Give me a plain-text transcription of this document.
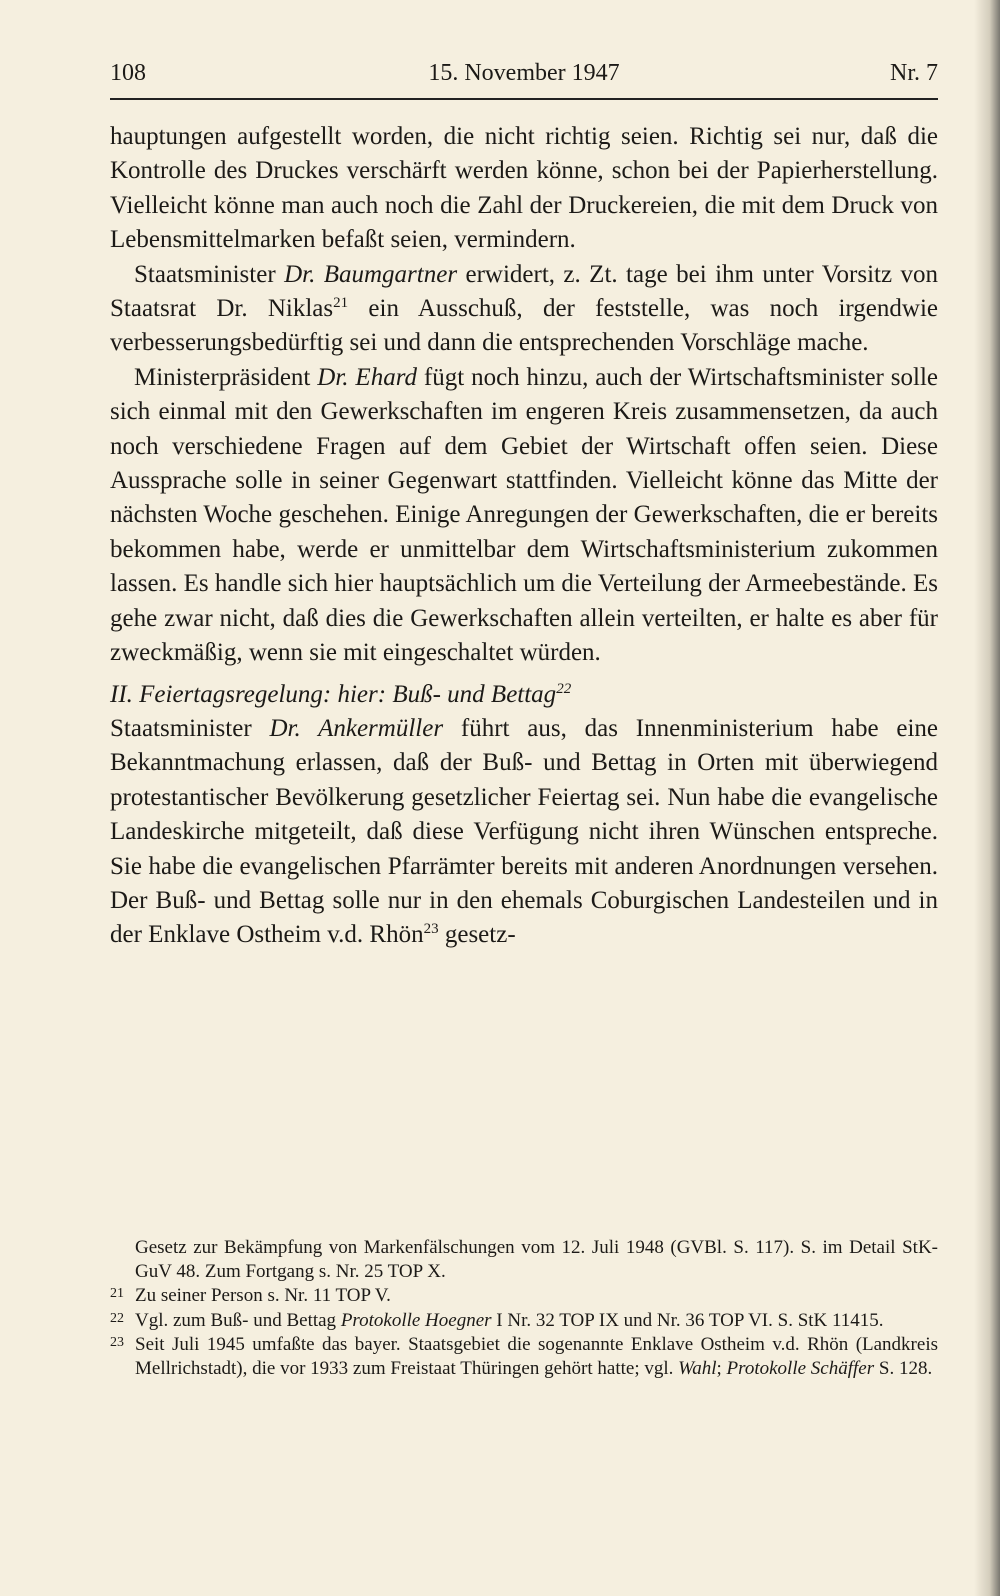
108	15. November 1947	Nr. 7

hauptungen aufgestellt worden, die nicht richtig seien. Richtig sei nur, daß die Kontrolle des Druckes verschärft werden könne, schon bei der Papierherstellung. Vielleicht könne man auch noch die Zahl der Druckereien, die mit dem Druck von Lebensmittelmarken befaßt seien, vermindern.

Staatsminister Dr. Baumgartner erwidert, z. Zt. tage bei ihm unter Vorsitz von Staatsrat Dr. Niklas$^{21}$ ein Ausschuß, der feststelle, was noch irgendwie verbesserungsbedürftig sei und dann die entsprechenden Vorschläge mache.

Ministerpräsident Dr. Ehard fügt noch hinzu, auch der Wirtschaftsminister solle sich einmal mit den Gewerkschaften im engeren Kreis zusammensetzen, da auch noch verschiedene Fragen auf dem Gebiet der Wirtschaft offen seien. Diese Aussprache solle in seiner Gegenwart stattfinden. Vielleicht könne das Mitte der nächsten Woche geschehen. Einige Anregungen der Gewerkschaften, die er bereits bekommen habe, werde er unmittelbar dem Wirtschaftsministerium zukommen lassen. Es handle sich hier hauptsächlich um die Verteilung der Armeebestände. Es gehe zwar nicht, daß dies die Gewerkschaften allein verteilten, er halte es aber für zweckmäßig, wenn sie mit eingeschaltet würden.

II. Feiertagsregelung: hier: Buß- und Bettag$^{22}$

Staatsminister Dr. Ankermüller führt aus, das Innenministerium habe eine Bekanntmachung erlassen, daß der Buß- und Bettag in Orten mit überwiegend protestantischer Bevölkerung gesetzlicher Feiertag sei. Nun habe die evangelische Landeskirche mitgeteilt, daß diese Verfügung nicht ihren Wünschen entspreche. Sie habe die evangelischen Pfarrämter bereits mit anderen Anordnungen versehen. Der Buß- und Bettag solle nur in den ehemals Coburgischen Landesteilen und in der Enklave Ostheim v.d. Rhön$^{23}$ gesetz-

Gesetz zur Bekämpfung von Markenfälschungen vom 12. Juli 1948 (GVBl. S. 117). S. im Detail StK-GuV 48. Zum Fortgang s. Nr. 25 TOP X.

21 Zu seiner Person s. Nr. 11 TOP V.

22 Vgl. zum Buß- und Bettag Protokolle Hoegner I Nr. 32 TOP IX und Nr. 36 TOP VI. S. StK 11415.

23 Seit Juli 1945 umfaßte das bayer. Staatsgebiet die sogenannte Enklave Ostheim v.d. Rhön (Landkreis Mellrichstadt), die vor 1933 zum Freistaat Thüringen gehört hatte; vgl. Wahl; Protokolle Schäffer S. 128.
